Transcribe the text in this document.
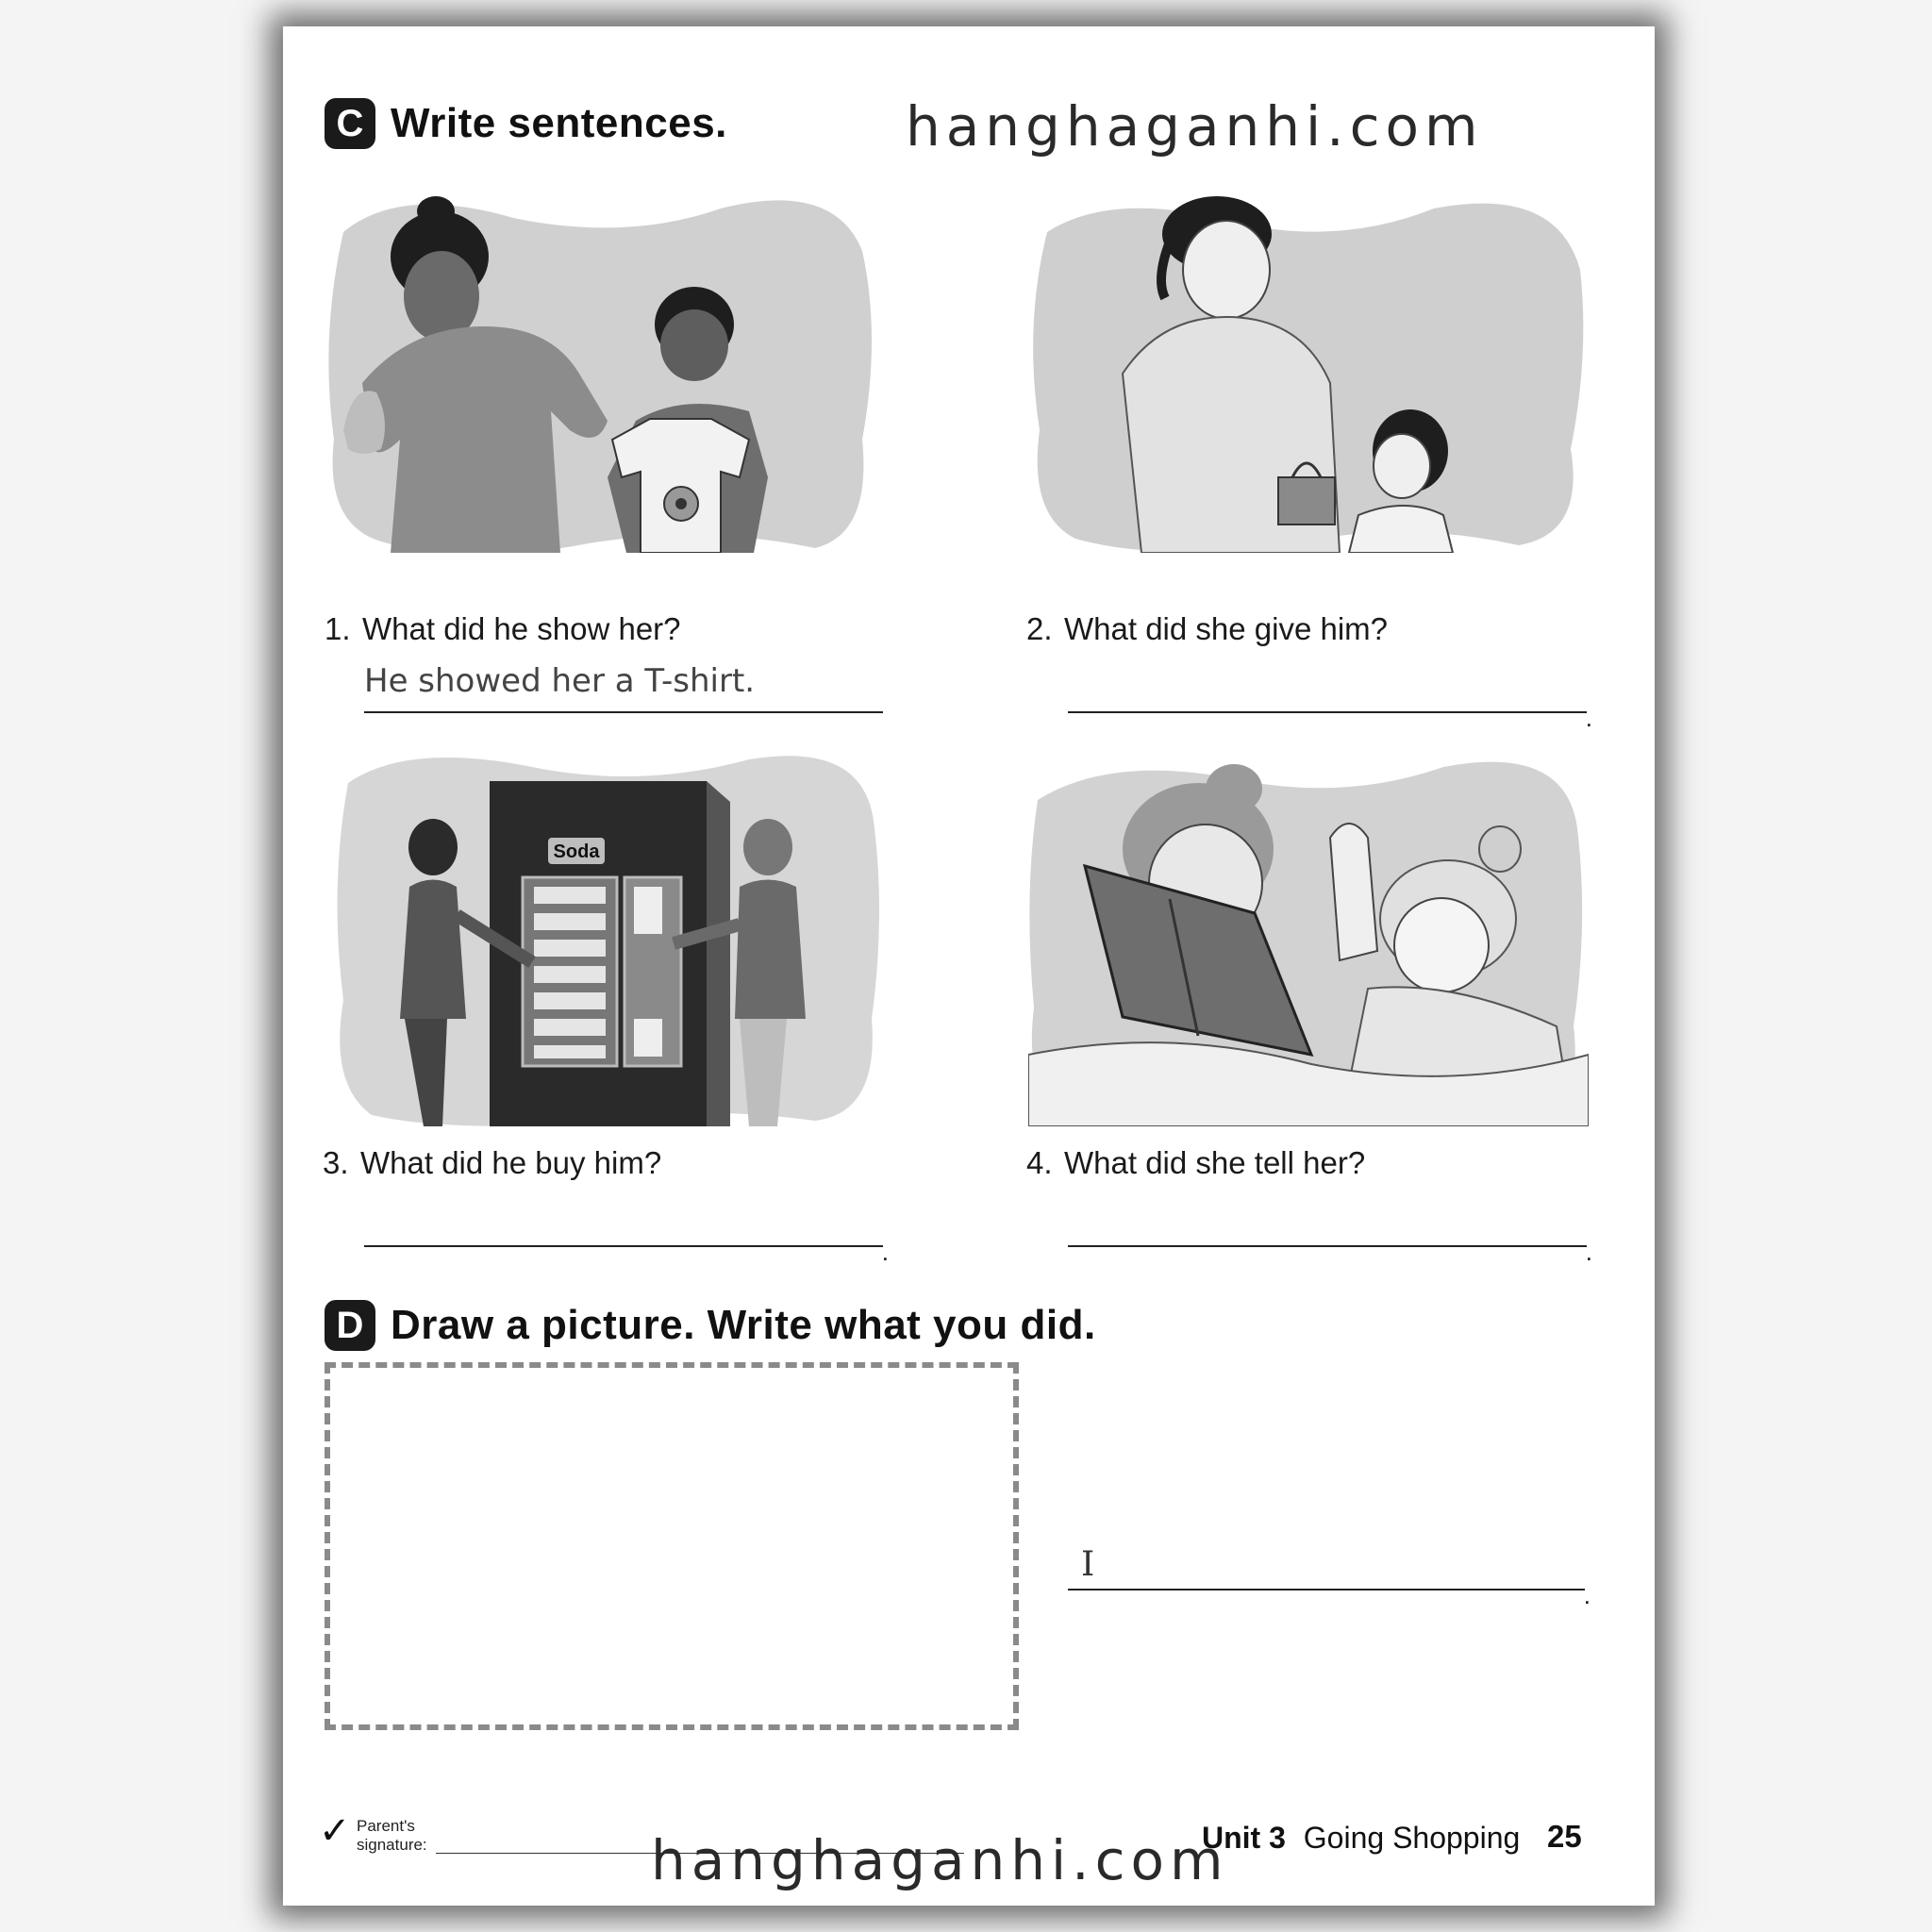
C Write sentences.	hanghaganhi.com
1. What did he show her?
He showed her a T-shirt.
2. What did she give him?
.
Soda
3. What did he buy him?
.
4. What did she tell her?
.
D Draw a picture. Write what you did.
I
.
✓ Parent's
signature:	Unit 3 Going Shopping 25
hanghaganhi.com
